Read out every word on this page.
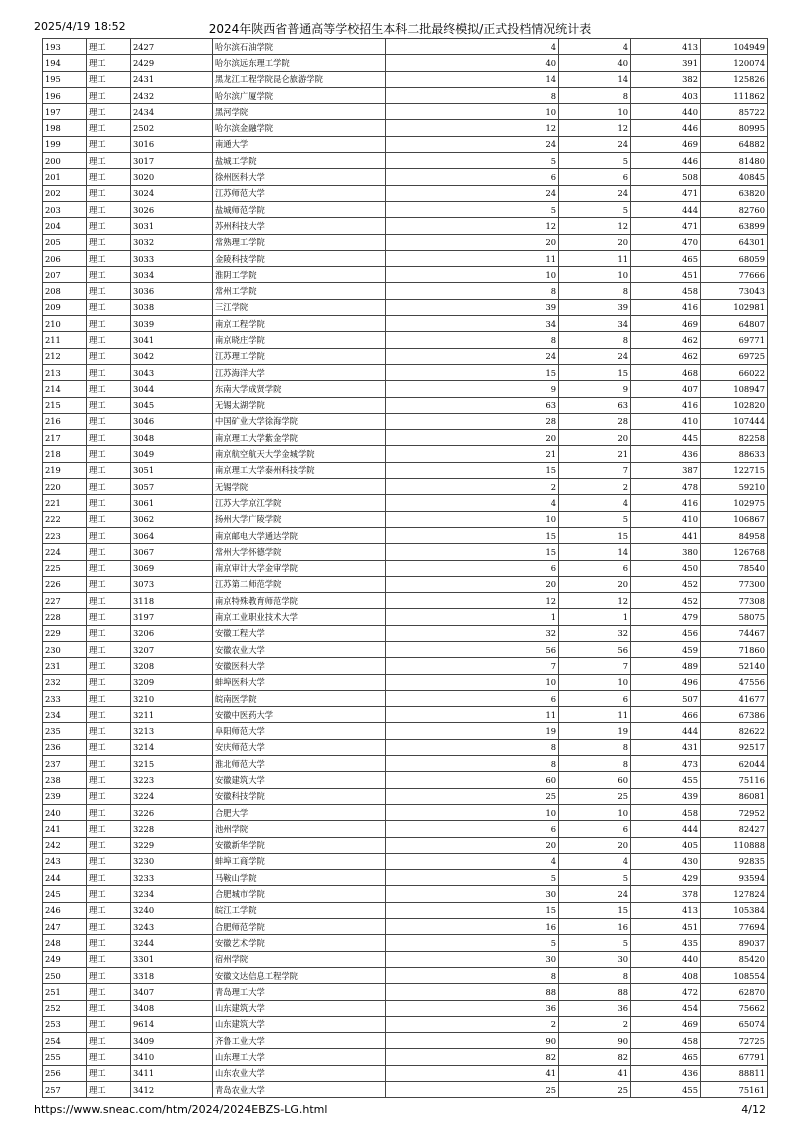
2025/4/19 18:52	2024年陕西省普通高等学校招生本科二批最终模拟/正式投档情况统计表
193	理工	2427	哈尔滨石油学院	4	4	413	104949
194	理工	2429	哈尔滨远东理工学院	40	40	391	120074
195	理工	2431	黑龙江工程学院昆仑旅游学院	14	14	382	125826
196	理工	2432	哈尔滨广厦学院	8	8	403	111862
197	理工	2434	黑河学院	10	10	440	85722
198	理工	2502	哈尔滨金融学院	12	12	446	80995
199	理工	3016	南通大学	24	24	469	64882
200	理工	3017	盐城工学院	5	5	446	81480
201	理工	3020	徐州医科大学	6	6	508	40845
202	理工	3024	江苏师范大学	24	24	471	63820
203	理工	3026	盐城师范学院	5	5	444	82760
204	理工	3031	苏州科技大学	12	12	471	63899
205	理工	3032	常熟理工学院	20	20	470	64301
206	理工	3033	金陵科技学院	11	11	465	68059
207	理工	3034	淮阴工学院	10	10	451	77666
208	理工	3036	常州工学院	8	8	458	73043
209	理工	3038	三江学院	39	39	416	102981
210	理工	3039	南京工程学院	34	34	469	64807
211	理工	3041	南京晓庄学院	8	8	462	69771
212	理工	3042	江苏理工学院	24	24	462	69725
213	理工	3043	江苏海洋大学	15	15	468	66022
214	理工	3044	东南大学成贤学院	9	9	407	108947
215	理工	3045	无锡太湖学院	63	63	416	102820
216	理工	3046	中国矿业大学徐海学院	28	28	410	107444
217	理工	3048	南京理工大学紫金学院	20	20	445	82258
218	理工	3049	南京航空航天大学金城学院	21	21	436	88633
219	理工	3051	南京理工大学泰州科技学院	15	7	387	122715
220	理工	3057	无锡学院	2	2	478	59210
221	理工	3061	江苏大学京江学院	4	4	416	102975
222	理工	3062	扬州大学广陵学院	10	5	410	106867
223	理工	3064	南京邮电大学通达学院	15	15	441	84958
224	理工	3067	常州大学怀德学院	15	14	380	126768
225	理工	3069	南京审计大学金审学院	6	6	450	78540
226	理工	3073	江苏第二师范学院	20	20	452	77300
227	理工	3118	南京特殊教育师范学院	12	12	452	77308
228	理工	3197	南京工业职业技术大学	1	1	479	58075
229	理工	3206	安徽工程大学	32	32	456	74467
230	理工	3207	安徽农业大学	56	56	459	71860
231	理工	3208	安徽医科大学	7	7	489	52140
232	理工	3209	蚌埠医科大学	10	10	496	47556
233	理工	3210	皖南医学院	6	6	507	41677
234	理工	3211	安徽中医药大学	11	11	466	67386
235	理工	3213	阜阳师范大学	19	19	444	82622
236	理工	3214	安庆师范大学	8	8	431	92517
237	理工	3215	淮北师范大学	8	8	473	62044
238	理工	3223	安徽建筑大学	60	60	455	75116
239	理工	3224	安徽科技学院	25	25	439	86081
240	理工	3226	合肥大学	10	10	458	72952
241	理工	3228	池州学院	6	6	444	82427
242	理工	3229	安徽新华学院	20	20	405	110888
243	理工	3230	蚌埠工商学院	4	4	430	92835
244	理工	3233	马鞍山学院	5	5	429	93594
245	理工	3234	合肥城市学院	30	24	378	127824
246	理工	3240	皖江工学院	15	15	413	105384
247	理工	3243	合肥师范学院	16	16	451	77694
248	理工	3244	安徽艺术学院	5	5	435	89037
249	理工	3301	宿州学院	30	30	440	85420
250	理工	3318	安徽文达信息工程学院	8	8	408	108554
251	理工	3407	青岛理工大学	88	88	472	62870
252	理工	3408	山东建筑大学	36	36	454	75662
253	理工	9614	山东建筑大学	2	2	469	65074
254	理工	3409	齐鲁工业大学	90	90	458	72725
255	理工	3410	山东理工大学	82	82	465	67791
256	理工	3411	山东农业大学	41	41	436	88811
257	理工	3412	青岛农业大学	25	25	455	75161
https://www.sneac.com/htm/2024/2024EBZS-LG.html	4/12
